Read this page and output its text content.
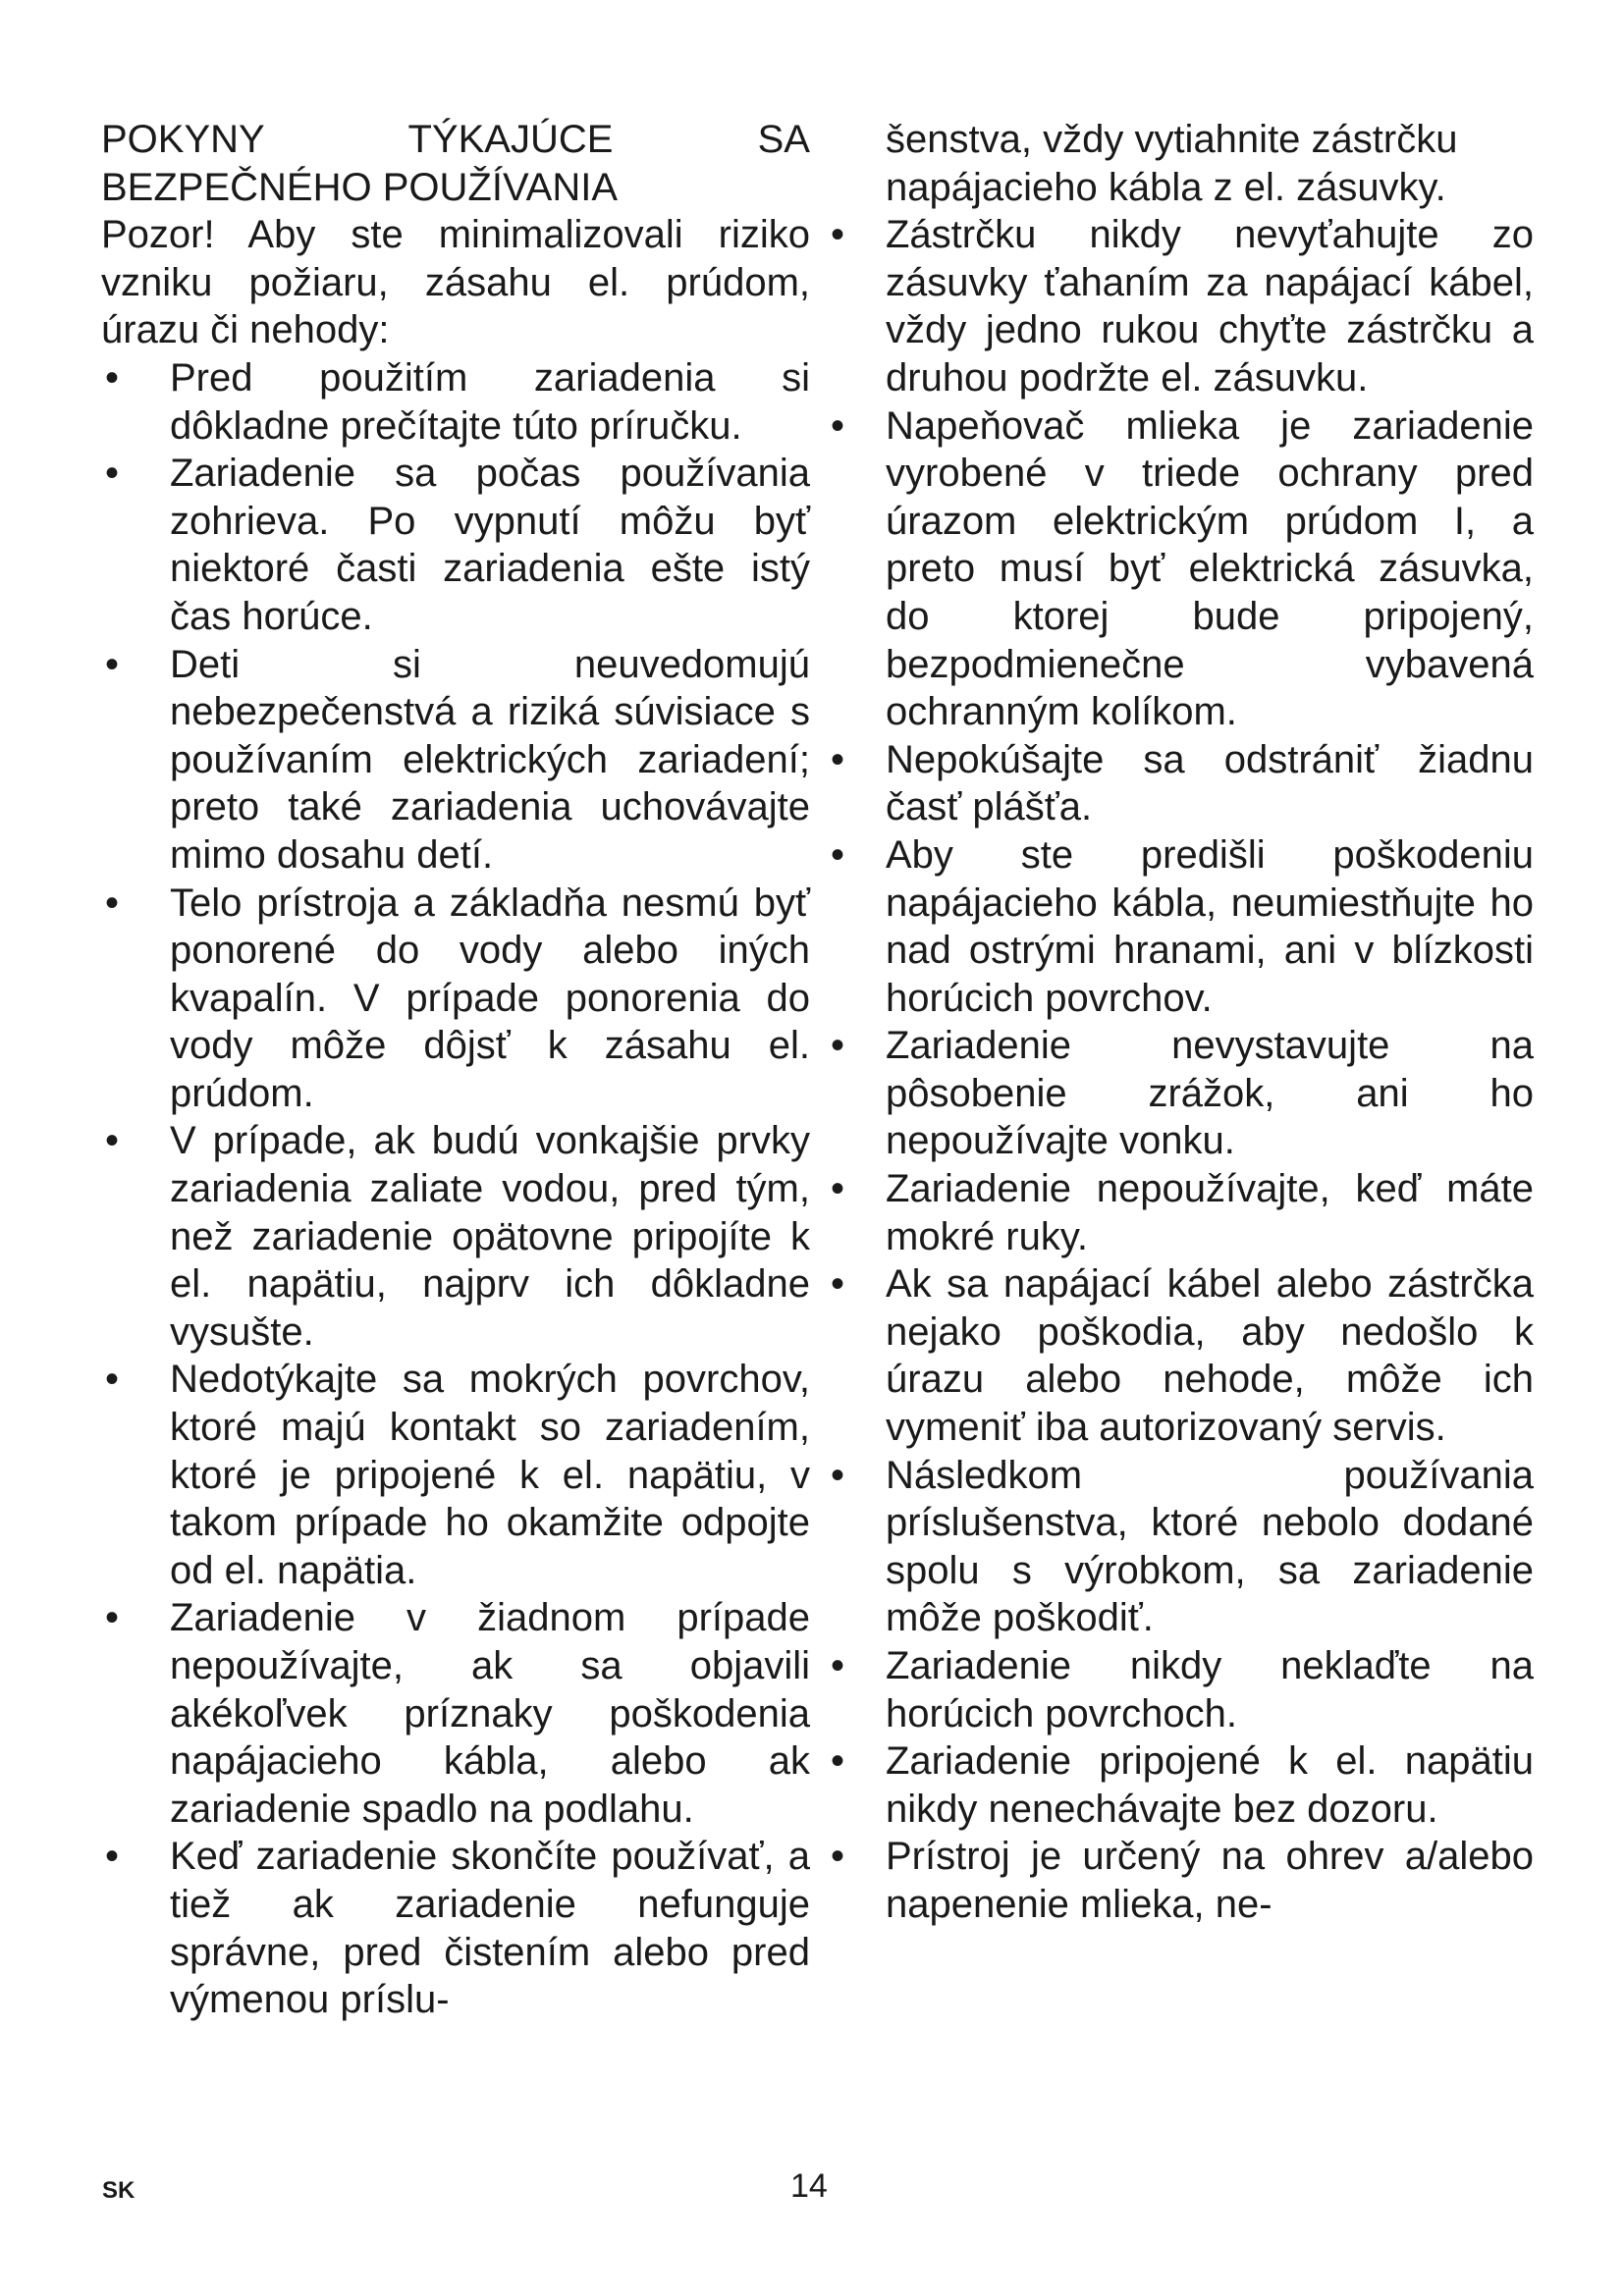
POKYNY TÝKAJÚCE SA BEZPEČNÉHO POUŽÍVANIA

Pozor! Aby ste minimalizovali riziko vzniku požiaru, zásahu el. prúdom, úrazu či nehody:

• Pred použitím zariadenia si dôkladne prečítajte túto príručku.
• Zariadenie sa počas používania zohrieva. Po vypnutí môžu byť niektoré časti zariadenia ešte istý čas horúce.
• Deti si neuvedomujú nebezpečenstvá a riziká súvisiace s používaním elektrických zariadení; preto také zariadenia uchovávajte mimo dosahu detí.
• Telo prístroja a základňa nesmú byť ponorené do vody alebo iných kvapalín. V prípade ponorenia do vody môže dôjsť k zásahu el. prúdom.
• V prípade, ak budú vonkajšie prvky zariadenia zaliate vodou, pred tým, než zariadenie opätovne pripojíte k el. napätiu, najprv ich dôkladne vysušte.
• Nedotýkajte sa mokrých povrchov, ktoré majú kontakt so zariadením, ktoré je pripojené k el. napätiu, v takom prípade ho okamžite odpojte od el. napätia.
• Zariadenie v žiadnom prípade nepoužívajte, ak sa objavili akékoľvek príznaky poškodenia napájacieho kábla, alebo ak zariadenie spadlo na podlahu.
• Keď zariadenie skončíte používať, a tiež ak zariadenie nefunguje správne, pred čistením alebo pred výmenou príslu-

šenstva, vždy vytiahnite zástrčku napájacieho kábla z el. zásuvky.

• Zástrčku nikdy nevyťahujte zo zásuvky ťahaním za napájací kábel, vždy jedno rukou chyťte zástrčku a druhou podržte el. zásuvku.
• Napeňovač mlieka je zariadenie vyrobené v triede ochrany pred úrazom elektrickým prúdom I, a preto musí byť elektrická zásuvka, do ktorej bude pripojený, bezpodmienečne vybavená ochranným kolíkom.
• Nepokúšajte sa odstrániť žiadnu časť plášťa.
• Aby ste predišli poškodeniu napájacieho kábla, neumiestňujte ho nad ostrými hranami, ani v blízkosti horúcich povrchov.
• Zariadenie nevystavujte na pôsobenie zrážok, ani ho nepoužívajte vonku.
• Zariadenie nepoužívajte, keď máte mokré ruky.
• Ak sa napájací kábel alebo zástrčka nejako poškodia, aby nedošlo k úrazu alebo nehode, môže ich vymeniť iba autorizovaný servis.
• Následkom používania príslušenstva, ktoré nebolo dodané spolu s výrobkom, sa zariadenie môže poškodiť.
• Zariadenie nikdy neklaďte na horúcich povrchoch.
• Zariadenie pripojené k el. napätiu nikdy nenechávajte bez dozoru.
• Prístroj je určený na ohrev a/alebo napenenie mlieka, ne-
SK	14
